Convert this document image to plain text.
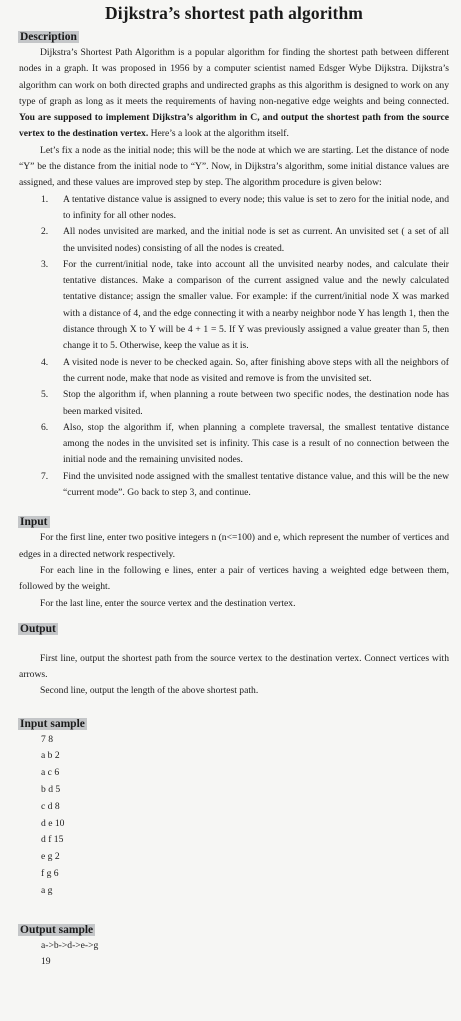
Dijkstra’s shortest path algorithm
Description

Dijkstra’s Shortest Path Algorithm is a popular algorithm for finding the shortest path between different nodes in a graph. It was proposed in 1956 by a computer scientist named Edsger Wybe Dijkstra. Dijkstra’s algorithm can work on both directed graphs and undirected graphs as this algorithm is designed to work on any type of graph as long as it meets the requirements of having non-negative edge weights and being connected. You are supposed to implement Dijkstra’s algorithm in C, and output the shortest path from the source vertex to the destination vertex. Here’s a look at the algorithm itself.

Let’s fix a node as the initial node; this will be the node at which we are starting. Let the distance of node “Y” be the distance from the initial node to “Y”. Now, in Dijkstra’s algorithm, some initial distance values are assigned, and these values are improved step by step. The algorithm procedure is given below:

1. A tentative distance value is assigned to every node; this value is set to zero for the initial node, and to infinity for all other nodes.
2. All nodes unvisited are marked, and the initial node is set as current. An unvisited set ( a set of all the unvisited nodes) consisting of all the nodes is created.
3. For the current/initial node, take into account all the unvisited nearby nodes, and calculate their tentative distances. Make a comparison of the current assigned value and the newly calculated tentative distance; assign the smaller value. For example: if the current/initial node X was marked with a distance of 4, and the edge connecting it with a nearby neighbor node Y has length 1, then the distance through X to Y will be 4 + 1 = 5. If Y was previously assigned a value greater than 5, then change it to 5. Otherwise, keep the value as it is.
4. A visited node is never to be checked again. So, after finishing above steps with all the neighbors of the current node, make that node as visited and remove is from the unvisited set.
5. Stop the algorithm if, when planning a route between two specific nodes, the destination node has been marked visited.
6. Also, stop the algorithm if, when planning a complete traversal, the smallest tentative distance among the nodes in the unvisited set is infinity. This case is a result of no connection between the initial node and the remaining unvisited nodes.
7. Find the unvisited node assigned with the smallest tentative distance value, and this will be the new “current mode”. Go back to step 3, and continue.
Input

For the first line, enter two positive integers n (n<=100) and e, which represent the number of vertices and edges in a directed network respectively.

For each line in the following e lines, enter a pair of vertices having a weighted edge between them, followed by the weight.

For the last line, enter the source vertex and the destination vertex.

Output

First line, output the shortest path from the source vertex to the destination vertex. Connect vertices with arrows.

Second line, output the length of the above shortest path.

Input sample
7 8
a b 2
a c 6
b d 5
c d 8
d e 10
d f 15
e g 2
f g 6
a g
Output sample
a->b->d->e->g
19
